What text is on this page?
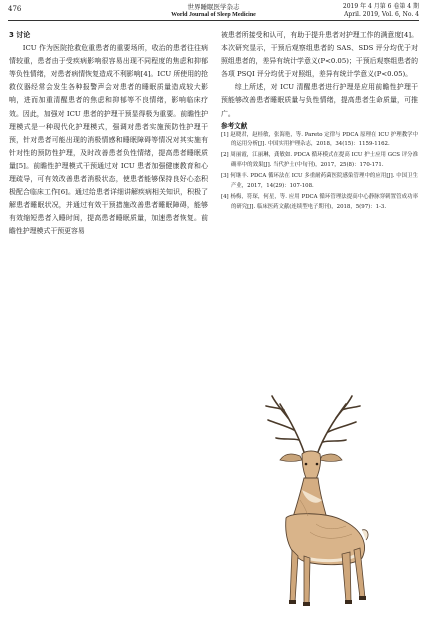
476	世界睡眠医学杂志
World Journal of Sleep Medicine
2019 年 4 月第 6 卷第 4 期
April. 2019, Vol. 6, No. 4

3 讨论

ICU 作为医院抢救危重患者的重要场所，收治的患者往往病情较重，患者由于受疾病影响很容易出现不同程度的焦虑和抑郁等负性情绪，对患者病情恢复造成不利影响[4]。ICU 所使用的抢救仪器经常会发生各种报警声会对患者的睡眠质量造成较大影响，进而加重清醒患者的焦虑和抑郁等不良情绪，影响临床疗效。因此，加强对 ICU 患者的护理干预显得极为重要。前瞻性护理模式是一种现代化护理模式，强调对患者实施预防性护理干预，针对患者可能出现的消极情感和睡眠障碍等情况对其实施有针对性的预防性护理，及时改善患者负性情绪，提高患者睡眠质量[5]。前瞻性护理模式干预通过对 ICU 患者加强健康教育和心理疏导，可有效改善患者消极状态，使患者能够保持良好心态积极配合临床工作[6]。通过给患者详细讲解疾病相关知识，积极了解患者睡眠状况，并通过有效干预措施改善患者睡眠障碍，能够有效缩短患者入睡时间，提高患者睡眠质量，加速患者恢复。前瞻性护理模式干预更容易

被患者所接受和认可，有助于提升患者对护理工作的满意度[4]。本次研究显示，干预后观察组患者的 SAS、SDS 评分均优于对照组患者的，差异有统计学意义(P<0.05)；干预后观察组患者的各项 PSQI 评分均优于对照组，差异有统计学意义(P<0.05)。

综上所述，对 ICU 清醒患者进行护理是应用前瞻性护理干预能够改善患者睡眠质量与负性情绪，提高患者生命质量，可推广。

参考文献

[1] 赵晓君，赵桂敏，张海艳，等. Pareto 定律与 PDCA 原理在 ICU 护理教学中的运用分析[J]. 中国实用护理杂志，2018，34(15)：1159-1162.
[2] 周丽霞，江丽琳，龚敏如. PDCA 循环模式在提高 ICU 护士应用 GCS 评分准确率中的效果[J]. 当代护士(中旬刊)，2017，25(8)：170-171.
[3] 何继丰. PDCA 循环法在 ICU 多重耐药菌医院感染管理中的应用[J]. 中国卫生产业，2017，14(29)：107-108.
[4] 杨梅，符琛，何星，等. 应用 PDCA 循环管理法提高中心静脉穿刺置管成功率的研究[J]. 临床医药文献(连续型电子期刊)，2018，5(97)：1-3.
